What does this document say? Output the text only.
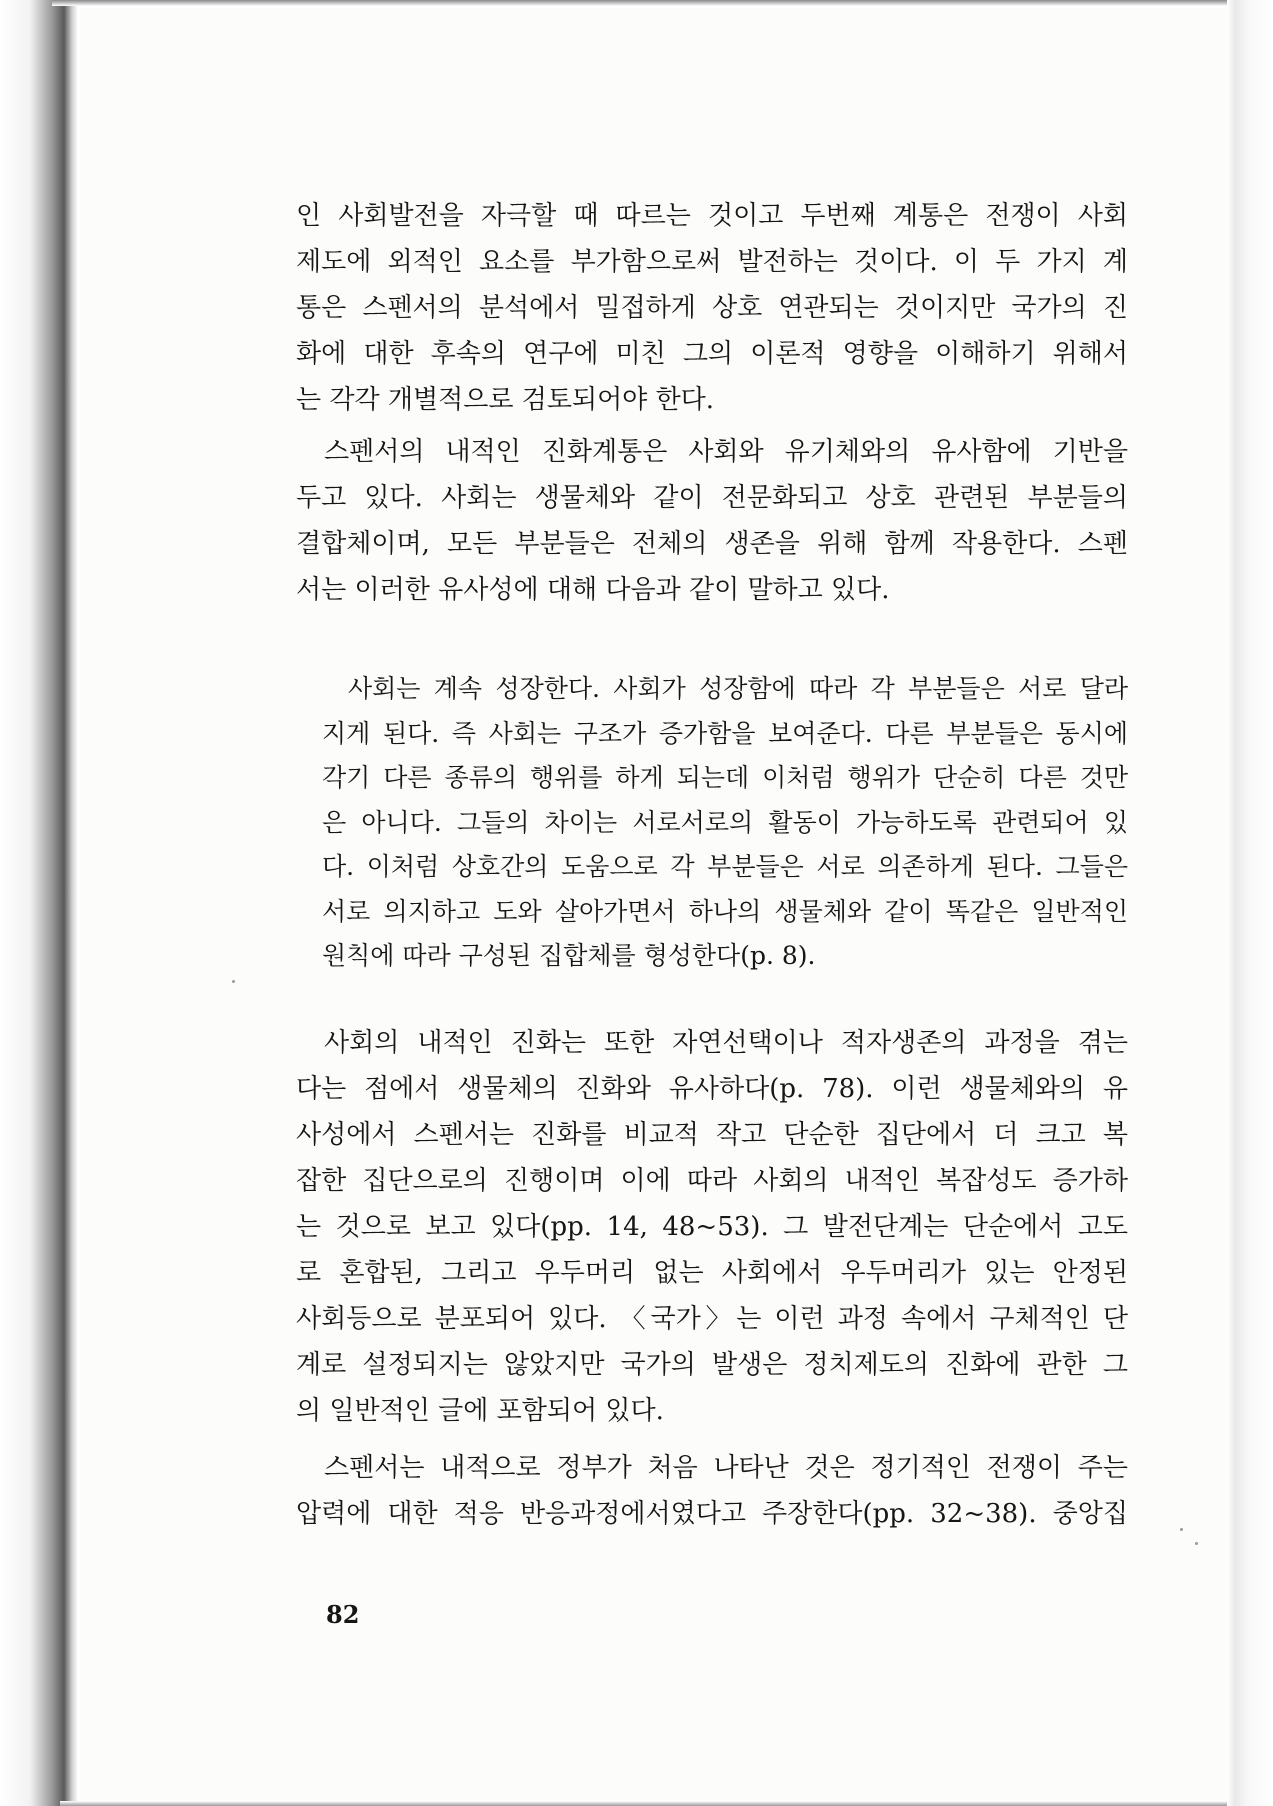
인 사회발전을 자극할 때 따르는 것이고 두번째 계통은 전쟁이 사회
제도에 외적인 요소를 부가함으로써 발전하는 것이다. 이 두 가지 계
통은 스펜서의 분석에서 밀접하게 상호 연관되는 것이지만 국가의 진
화에 대한 후속의 연구에 미친 그의 이론적 영향을 이해하기 위해서
는 각각 개별적으로 검토되어야 한다.
스펜서의 내적인 진화계통은 사회와 유기체와의 유사함에 기반을
두고 있다. 사회는 생물체와 같이 전문화되고 상호 관련된 부분들의
결합체이며, 모든 부분들은 전체의 생존을 위해 함께 작용한다. 스펜
서는 이러한 유사성에 대해 다음과 같이 말하고 있다.
사회는 계속 성장한다. 사회가 성장함에 따라 각 부분들은 서로 달라
지게 된다. 즉 사회는 구조가 증가함을 보여준다. 다른 부분들은 동시에
각기 다른 종류의 행위를 하게 되는데 이처럼 행위가 단순히 다른 것만
은 아니다. 그들의 차이는 서로서로의 활동이 가능하도록 관련되어 있
다. 이처럼 상호간의 도움으로 각 부분들은 서로 의존하게 된다. 그들은
서로 의지하고 도와 살아가면서 하나의 생물체와 같이 똑같은 일반적인
원칙에 따라 구성된 집합체를 형성한다(p. 8).
사회의 내적인 진화는 또한 자연선택이나 적자생존의 과정을 겪는
다는 점에서 생물체의 진화와 유사하다(p. 78). 이런 생물체와의 유
사성에서 스펜서는 진화를 비교적 작고 단순한 집단에서 더 크고 복
잡한 집단으로의 진행이며 이에 따라 사회의 내적인 복잡성도 증가하
는 것으로 보고 있다(pp. 14, 48~53). 그 발전단계는 단순에서 고도
로 혼합된, 그리고 우두머리 없는 사회에서 우두머리가 있는 안정된
사회등으로 분포되어 있다. 〈국가〉는 이런 과정 속에서 구체적인 단
계로 설정되지는 않았지만 국가의 발생은 정치제도의 진화에 관한 그
의 일반적인 글에 포함되어 있다.
스펜서는 내적으로 정부가 처음 나타난 것은 정기적인 전쟁이 주는
압력에 대한 적응 반응과정에서였다고 주장한다(pp. 32~38). 중앙집
82
